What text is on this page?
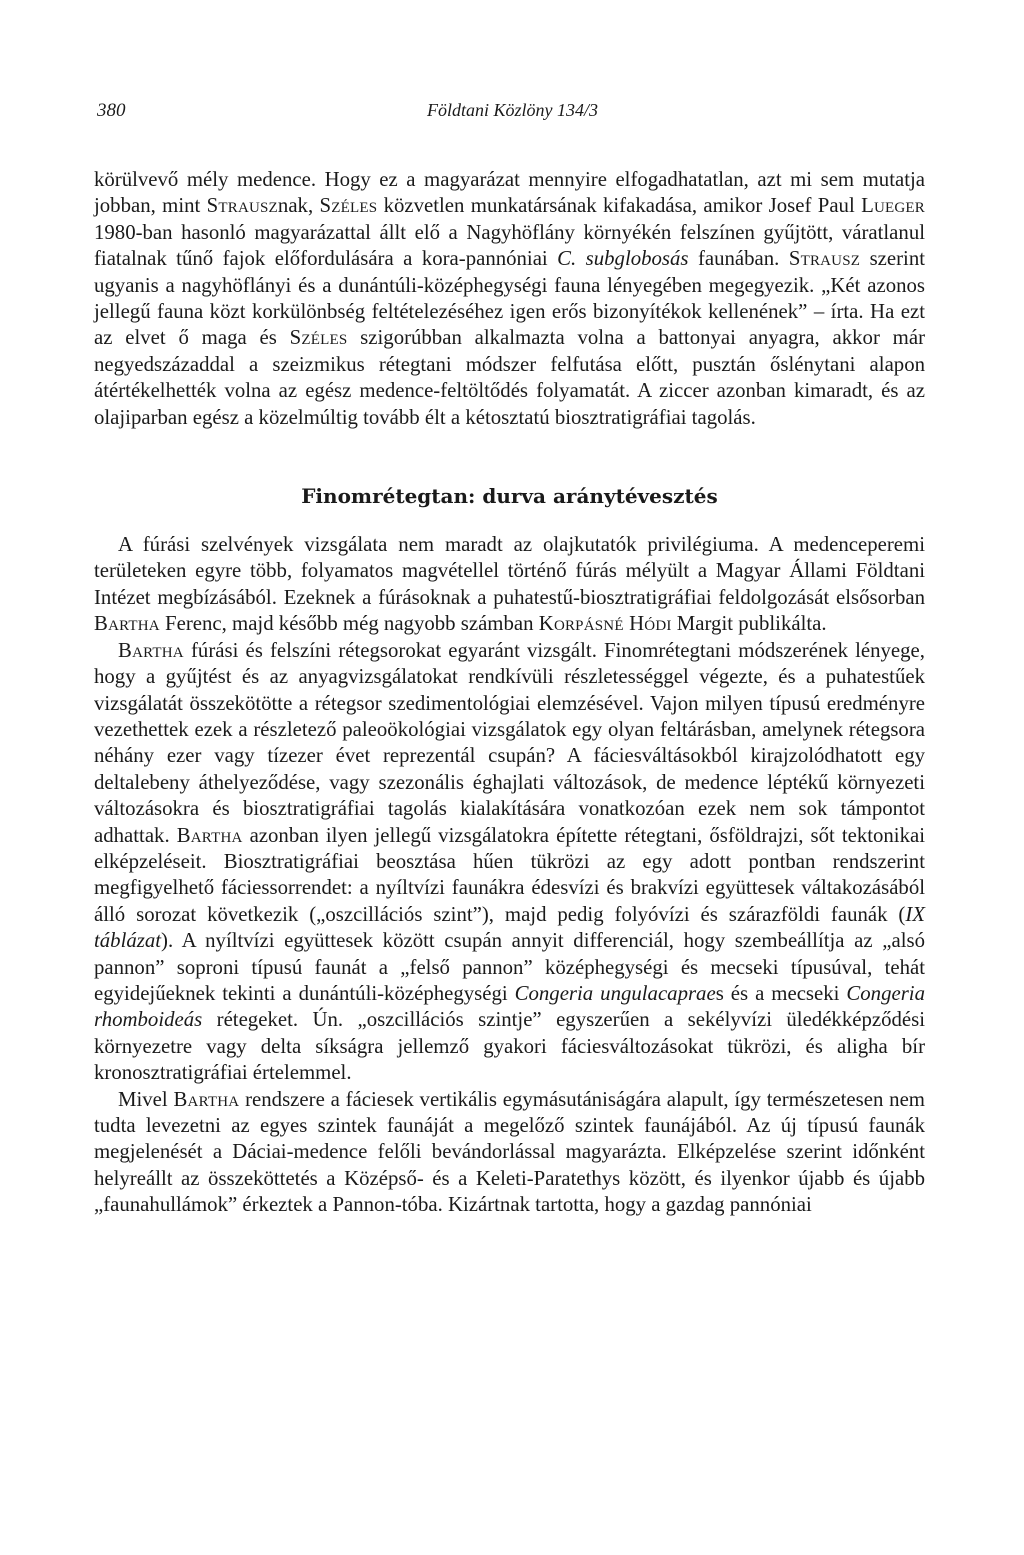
380	Földtani Közlöny 134/3

körülvevő mély medence. Hogy ez a magyarázat mennyire elfogadhatatlan, azt mi sem mutatja jobban, mint Strausznak, Széles közvetlen munkatársának kifakadása, amikor Josef Paul Lueger 1980-ban hasonló magyarázattal állt elő a Nagyhöflány környékén felszínen gyűjtött, váratlanul fiatalnak tűnő fajok előfordulására a kora-pannóniai C. subglobosás faunában. Strausz szerint ugyanis a nagyhöflányi és a dunántúli-középhegységi fauna lényegében megegyezik. „Két azonos jellegű fauna közt korkülönbség feltételezéséhez igen erős bizonyítékok kellenének” – írta. Ha ezt az elvet ő maga és Széles szigorúbban alkalmazta volna a battonyai anyagra, akkor már negyedszázaddal a szeizmikus rétegtani módszer felfutása előtt, pusztán őslénytani alapon átértékelhették volna az egész medence-feltöltődés folyamatát. A ziccer azonban kimaradt, és az olajiparban egész a közelmúltig tovább élt a kétosztatú biosztratigráfiai tagolás.

Finomrétegtan: durva aránytévesztés

A fúrási szelvények vizsgálata nem maradt az olajkutatók privilégiuma. A medenceperemi területeken egyre több, folyamatos magvétellel történő fúrás mélyült a Magyar Állami Földtani Intézet megbízásából. Ezeknek a fúrásoknak a puhatestű-biosztratigráfiai feldolgozását elsősorban Bartha Ferenc, majd később még nagyobb számban Korpásné Hódi Margit publikálta.

Bartha fúrási és felszíni rétegsorokat egyaránt vizsgált. Finomrétegtani módszerének lényege, hogy a gyűjtést és az anyagvizsgálatokat rendkívüli részletességgel végezte, és a puhatestűek vizsgálatát összekötötte a rétegsor szedimentológiai elemzésével. Vajon milyen típusú eredményre vezethettek ezek a részletező paleoökológiai vizsgálatok egy olyan feltárásban, amelynek rétegsora néhány ezer vagy tízezer évet reprezentál csupán? A fáciesváltásokból kirajzolódhatott egy deltalebeny áthelyeződése, vagy szezonális éghajlati változások, de medence léptékű környezeti változásokra és biosztratigráfiai tagolás kialakítására vonatkozóan ezek nem sok támpontot adhattak. Bartha azonban ilyen jellegű vizsgálatokra építette rétegtani, ősföldrajzi, sőt tektonikai elképzeléseit. Biosztratigráfiai beosztása hűen tükrözi az egy adott pontban rendszerint megfigyelhető fáciessorrendet: a nyíltvízi faunákra édesvízi és brakvízi együttesek váltakozásából álló sorozat következik („oszcillációs szint”), majd pedig folyóvízi és szárazföldi faunák (IX táblázat). A nyíltvízi együttesek között csupán annyit differenciál, hogy szembeállítja az „alsó pannon” soproni típusú faunát a „felső pannon” középhegységi és mecseki típusúval, tehát egyidejűeknek tekinti a dunántúli-középhegységi Congeria ungulacapraes és a mecseki Congeria rhomboideás rétegeket. Ún. „oszcillációs szintje” egyszerűen a sekélyvízi üledékképződési környezetre vagy delta síkságra jellemző gyakori fáciesváltozásokat tükrözi, és aligha bír kronosztratigráfiai értelemmel.

Mivel Bartha rendszere a fáciesek vertikális egymásutániságára alapult, így természetesen nem tudta levezetni az egyes szintek faunáját a megelőző szintek faunájából. Az új típusú faunák megjelenését a Dáciai-medence felőli bevándorlással magyarázta. Elképzelése szerint időnként helyreállt az összeköttetés a Középső- és a Keleti-Paratethys között, és ilyenkor újabb és újabb „faunahullámok” érkeztek a Pannon-tóba. Kizártnak tartotta, hogy a gazdag pannóniai
